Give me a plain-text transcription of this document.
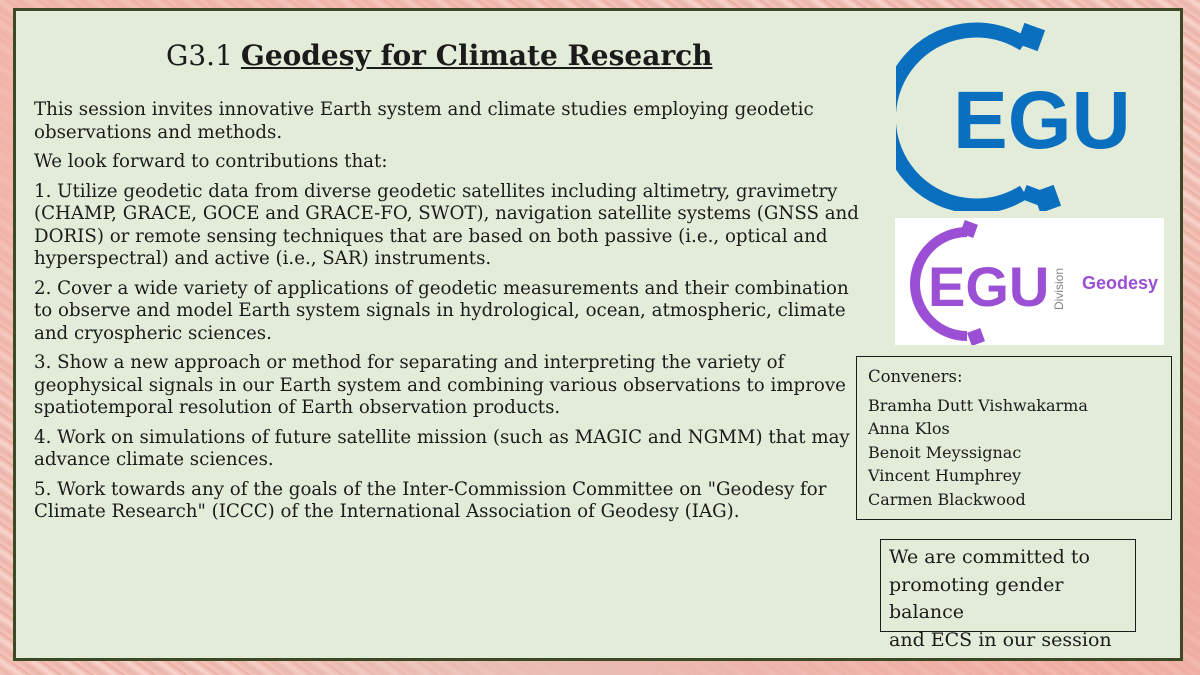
G3.1 Geodesy for Climate Research

This session invites innovative Earth system and climate studies employing geodetic observations and methods.

We look forward to contributions that:

1. Utilize geodetic data from diverse geodetic satellites including altimetry, gravimetry (CHAMP, GRACE, GOCE and GRACE-FO, SWOT), navigation satellite systems (GNSS and DORIS) or remote sensing techniques that are based on both passive (i.e., optical and hyperspectral) and active (i.e., SAR) instruments.

2. Cover a wide variety of applications of geodetic measurements and their combination to observe and model Earth system signals in hydrological, ocean, atmospheric, climate and cryospheric sciences.

3. Show a new approach or method for separating and interpreting the variety of geophysical signals in our Earth system and combining various observations to improve spatiotemporal resolution of Earth observation products.

4. Work on simulations of future satellite mission (such as MAGIC and NGMM) that may advance climate sciences.

5. Work towards any of the goals of the Inter-Commission Committee on "Geodesy for Climate Research" (ICCC) of the International Association of Geodesy (IAG).

EGU
EGU Division Geodesy
Conveners:
Bramha Dutt Vishwakarma
Anna Klos
Benoit Meyssignac
Vincent Humphrey
Carmen Blackwood
We are committed to
promoting gender balance
and ECS in our session
